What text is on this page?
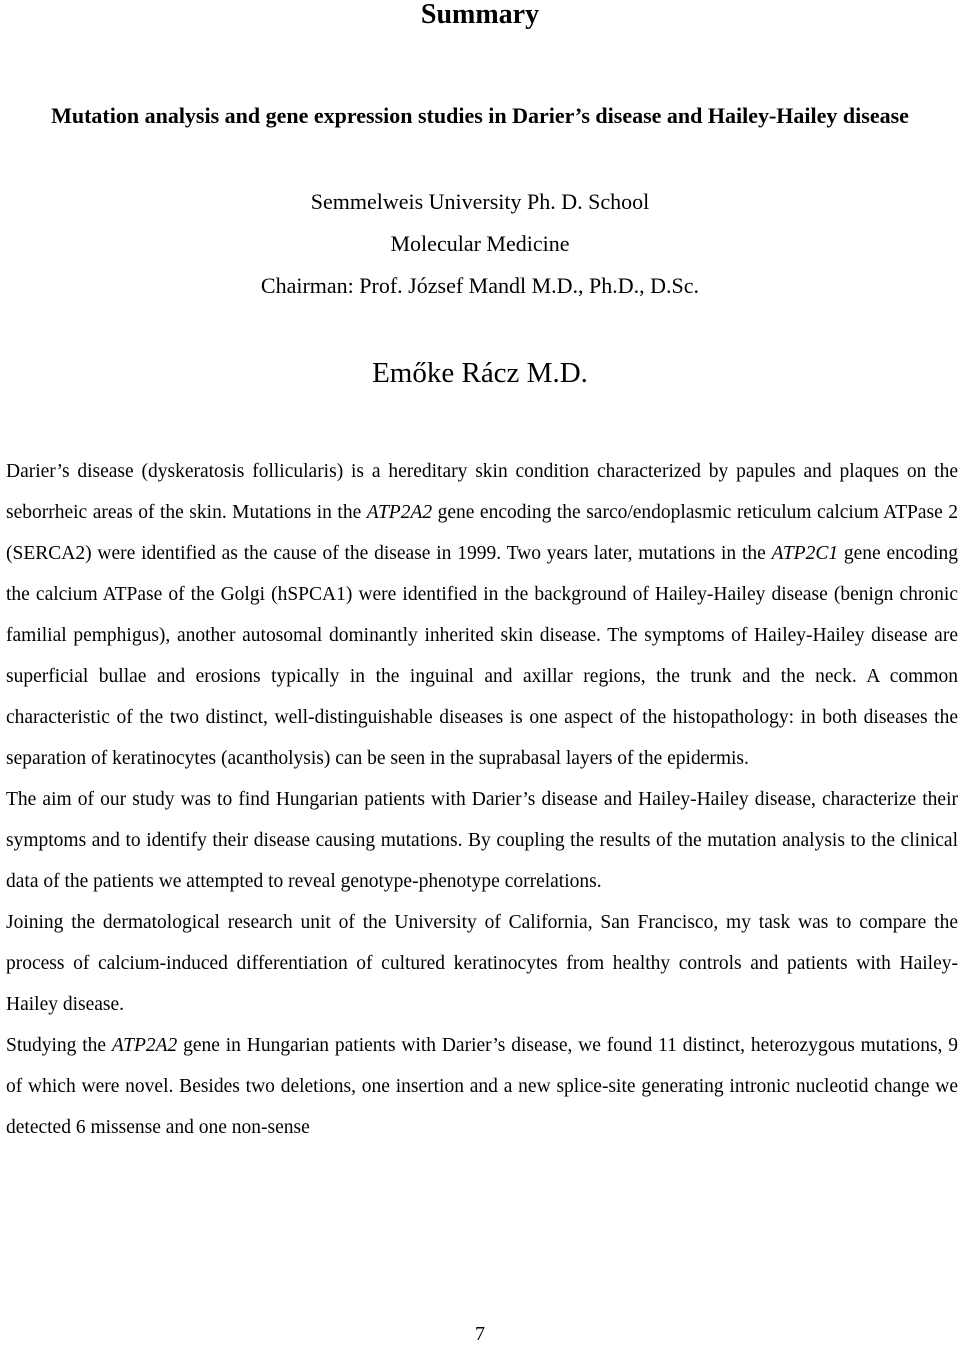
Summary
Mutation analysis and gene expression studies in Darier’s disease and Hailey-Hailey disease

Semmelweis University Ph. D. School

Molecular Medicine

Chairman: Prof. József Mandl M.D., Ph.D., D.Sc.

Emőke Rácz M.D.

Darier’s disease (dyskeratosis follicularis) is a hereditary skin condition characterized by papules and plaques on the seborrheic areas of the skin. Mutations in the ATP2A2 gene encoding the sarco/endoplasmic reticulum calcium ATPase 2 (SERCA2) were identified as the cause of the disease in 1999. Two years later, mutations in the ATP2C1 gene encoding the calcium ATPase of the Golgi (hSPCA1) were identified in the background of Hailey-Hailey disease (benign chronic familial pemphigus), another autosomal dominantly inherited skin disease. The symptoms of Hailey-Hailey disease are superficial bullae and erosions typically in the inguinal and axillar regions, the trunk and the neck. A common characteristic of the two distinct, well-distinguishable diseases is one aspect of the histopathology: in both diseases the separation of keratinocytes (acantholysis) can be seen in the suprabasal layers of the epidermis.

The aim of our study was to find Hungarian patients with Darier’s disease and Hailey-Hailey disease, characterize their symptoms and to identify their disease causing mutations. By coupling the results of the mutation analysis to the clinical data of the patients we attempted to reveal genotype-phenotype correlations.

Joining the dermatological research unit of the University of California, San Francisco, my task was to compare the process of calcium-induced differentiation of cultured keratinocytes from healthy controls and patients with Hailey-Hailey disease.

Studying the ATP2A2 gene in Hungarian patients with Darier’s disease, we found 11 distinct, heterozygous mutations, 9 of which were novel. Besides two deletions, one insertion and a new splice-site generating intronic nucleotid change we detected 6 missense and one non-sense

7
